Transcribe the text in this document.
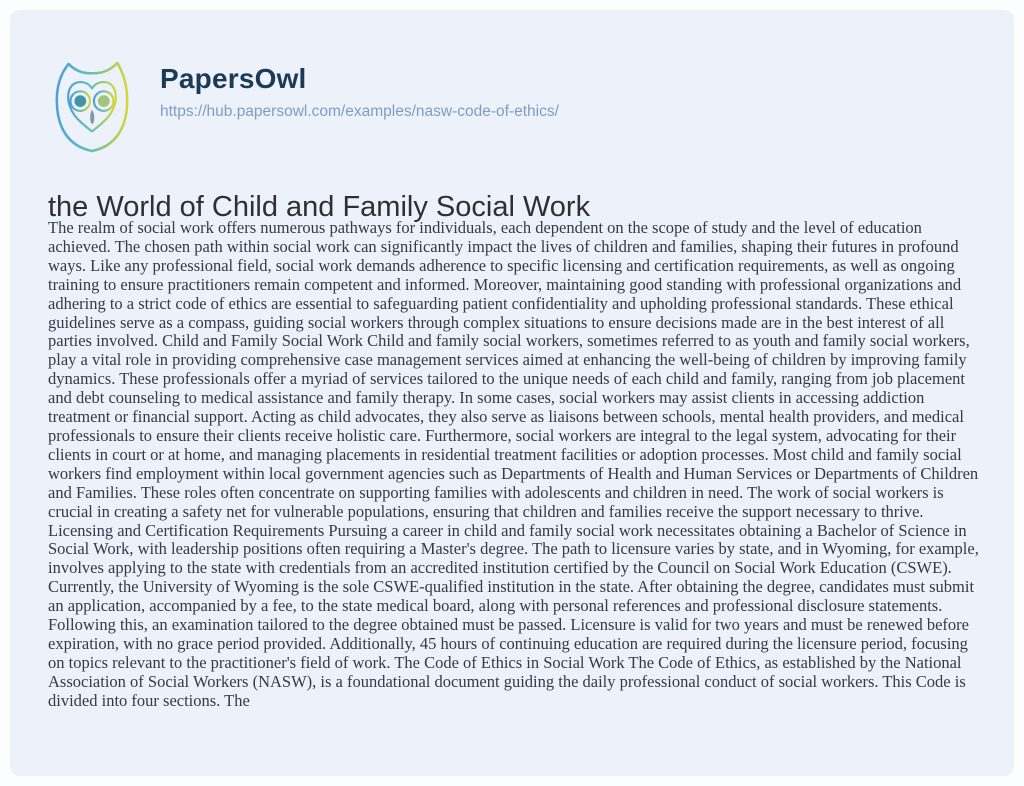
PapersOwl
https://hub.papersowl.com/examples/nasw-code-of-ethics/
the World of Child and Family Social Work

The realm of social work offers numerous pathways for individuals, each dependent on the scope of study and the level of education achieved. The chosen path within social work can significantly impact the lives of children and families, shaping their futures in profound ways. Like any professional field, social work demands adherence to specific licensing and certification requirements, as well as ongoing training to ensure practitioners remain competent and informed. Moreover, maintaining good standing with professional organizations and adhering to a strict code of ethics are essential to safeguarding patient confidentiality and upholding professional standards. These ethical guidelines serve as a compass, guiding social workers through complex situations to ensure decisions made are in the best interest of all parties involved. Child and Family Social Work Child and family social workers, sometimes referred to as youth and family social workers, play a vital role in providing comprehensive case management services aimed at enhancing the well-being of children by improving family dynamics. These professionals offer a myriad of services tailored to the unique needs of each child and family, ranging from job placement and debt counseling to medical assistance and family therapy. In some cases, social workers may assist clients in accessing addiction treatment or financial support. Acting as child advocates, they also serve as liaisons between schools, mental health providers, and medical professionals to ensure their clients receive holistic care. Furthermore, social workers are integral to the legal system, advocating for their clients in court or at home, and managing placements in residential treatment facilities or adoption processes. Most child and family social workers find employment within local government agencies such as Departments of Health and Human Services or Departments of Children and Families. These roles often concentrate on supporting families with adolescents and children in need. The work of social workers is crucial in creating a safety net for vulnerable populations, ensuring that children and families receive the support necessary to thrive. Licensing and Certification Requirements Pursuing a career in child and family social work necessitates obtaining a Bachelor of Science in Social Work, with leadership positions often requiring a Master's degree. The path to licensure varies by state, and in Wyoming, for example, involves applying to the state with credentials from an accredited institution certified by the Council on Social Work Education (CSWE). Currently, the University of Wyoming is the sole CSWE-qualified institution in the state. After obtaining the degree, candidates must submit an application, accompanied by a fee, to the state medical board, along with personal references and professional disclosure statements. Following this, an examination tailored to the degree obtained must be passed. Licensure is valid for two years and must be renewed before expiration, with no grace period provided. Additionally, 45 hours of continuing education are required during the licensure period, focusing on topics relevant to the practitioner's field of work. The Code of Ethics in Social Work The Code of Ethics, as established by the National Association of Social Workers (NASW), is a foundational document guiding the daily professional conduct of social workers. This Code is divided into four sections. The
